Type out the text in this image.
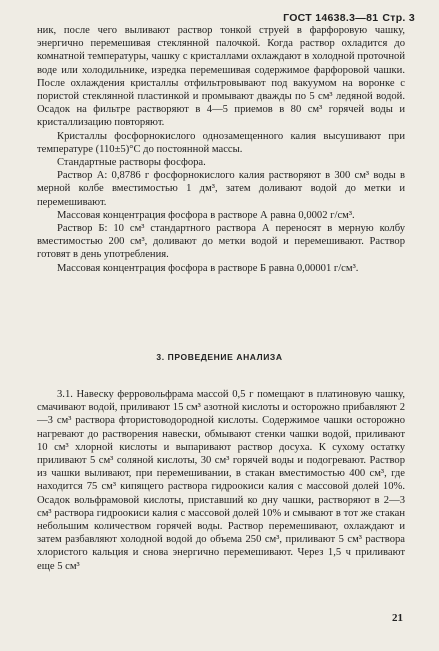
ГОСТ 14638.3—81 Стр. 3

ник, после чего выливают раствор тонкой струей в фарфоровую чашку, энергично перемешивая стеклянной палочкой. Когда раствор охладится до комнатной температуры, чашку с кристаллами охлаждают в холодной проточной воде или холодильнике, изредка перемешивая содержимое фарфоровой чашки. После охлаждения кристаллы отфильтровывают под вакуумом на воронке с пористой стеклянной пластинкой и промывают дважды по 5 см³ ледяной водой. Осадок на фильтре растворяют в 4—5 приемов в 80 см³ горячей воды и кристаллизацию повторяют.

Кристаллы фосфорнокислого однозамещенного калия высушивают при температуре (110±5)°С до постоянной массы.

Стандартные растворы фосфора.

Раствор А: 0,8786 г фосфорнокислого калия растворяют в 300 см³ воды в мерной колбе вместимостью 1 дм³, затем доливают водой до метки и перемешивают.

Массовая концентрация фосфора в растворе А равна 0,0002 г/см³.

Раствор Б: 10 см³ стандартного раствора А переносят в мерную колбу вместимостью 200 см³, доливают до метки водой и перемешивают. Раствор готовят в день употребления.

Массовая концентрация фосфора в растворе Б равна 0,00001 г/см³.

3. ПРОВЕДЕНИЕ АНАЛИЗА

3.1. Навеску ферровольфрама массой 0,5 г помещают в платиновую чашку, смачивают водой, приливают 15 см³ азотной кислоты и осторожно прибавляют 2—3 см³ раствора фтористоводородной кислоты. Содержимое чашки осторожно нагревают до растворения навески, обмывают стенки чашки водой, приливают 10 см³ хлорной кислоты и выпаривают раствор досуха. К сухому остатку приливают 5 см³ соляной кислоты, 30 см³ горячей воды и подогревают. Раствор из чашки выливают, при перемешивании, в стакан вместимостью 400 см³, где находится 75 см³ кипящего раствора гидроокиси калия с массовой долей 10%. Осадок вольфрамовой кислоты, приставший ко дну чашки, растворяют в 2—3 см³ раствора гидроокиси калия с массовой долей 10% и смывают в тот же стакан небольшим количеством горячей воды. Раствор перемешивают, охлаждают и затем разбавляют холодной водой до объема 250 см³, приливают 5 см³ раствора хлористого кальция и снова энергично перемешивают. Через 1,5 ч приливают еще 5 см³

21
